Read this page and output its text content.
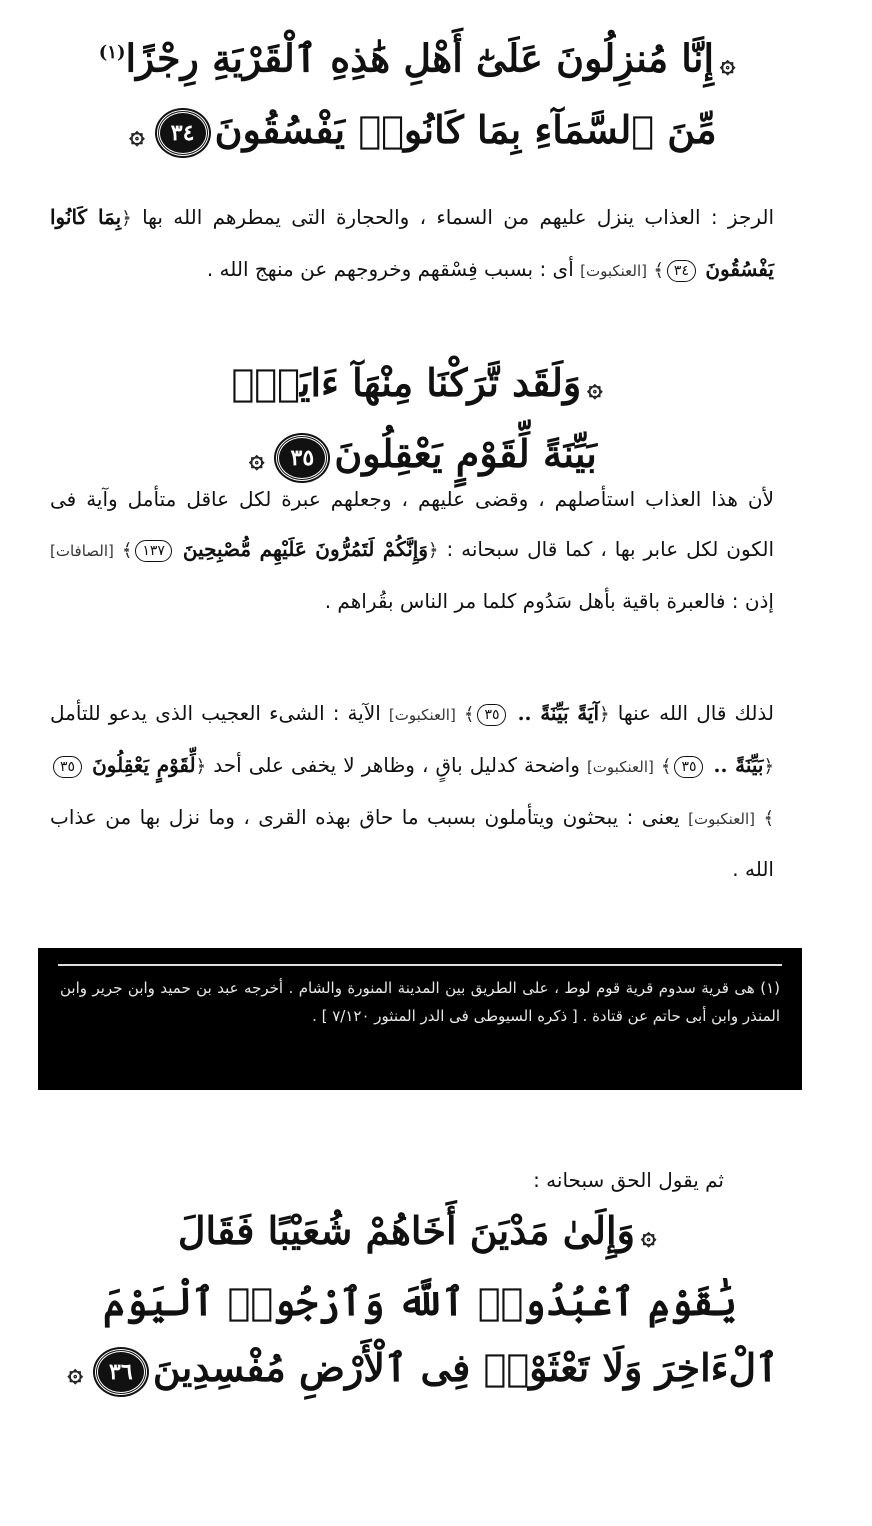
۞إِنَّا مُنزِلُونَ عَلَىٰٓ أَهْلِ هَٰذِهِ ٱلْقَرْيَةِ رِجْزًا$^{(١)}$
مِّنَ ٱلسَّمَآءِ بِمَا كَانُوا۟ يَفْسُقُونَ٣٤۞

الرجز : العذاب ينزل عليهم من السماء ، والحجارة التى يمطرهم الله بها ﴿بِمَا كَانُوا يَفْسُقُونَ ٣٤﴾ [العنكبوت] أى : بسبب فِسْقهم وخروجهم عن منهج الله .

۞وَلَقَد تَّرَكْنَا مِنْهَآ ءَايَةًۢ
بَيِّنَةً لِّقَوْمٍ يَعْقِلُونَ٣٥۞

لأن هذا العذاب استأصلهم ، وقضى عليهم ، وجعلهم عبرة لكل عاقل متأمل وآية فى الكون لكل عابر بها ، كما قال سبحانه : ﴿وَإِنَّكُمْ لَتَمُرُّونَ عَلَيْهِم مُّصْبِحِينَ ١٣٧﴾ [الصافات] إذن : فالعبرة باقية بأهل سَدُوم كلما مر الناس بقُراهم .

لذلك قال الله عنها ﴿آيَةً بَيِّنَةً .. ٣٥﴾ [العنكبوت] الآية : الشىء العجيب الذى يدعو للتأمل ﴿بَيِّنَةً .. ٣٥﴾ [العنكبوت] واضحة كدليل باقٍ ، وظاهر لا يخفى على أحد ﴿لِّقَوْمٍ يَعْقِلُونَ ٣٥﴾ [العنكبوت] يعنى : يبحثون ويتأملون بسبب ما حاق بهذه القرى ، وما نزل بها من عذاب الله .

(١) هى قرية سدوم قرية قوم لوط ، على الطريق بين المدينة المنورة والشام . أخرجه عبد بن حميد وابن جرير وابن المنذر وابن أبى حاتم عن قتادة . [ ذكره السيوطى فى الدر المنثور ٧/١٢٠ ] .
ثم يقول الحق سبحانه :
۞وَإِلَىٰ مَدْيَنَ أَخَاهُمْ شُعَيْبًا فَقَالَ
يَٰقَوْمِ ٱعْبُدُوا۟ ٱللَّهَ وَٱرْجُوا۟ ٱلْيَوْمَ
ٱلْءَاخِرَ وَلَا تَعْثَوْا۟ فِى ٱلْأَرْضِ مُفْسِدِينَ٣٦۞
